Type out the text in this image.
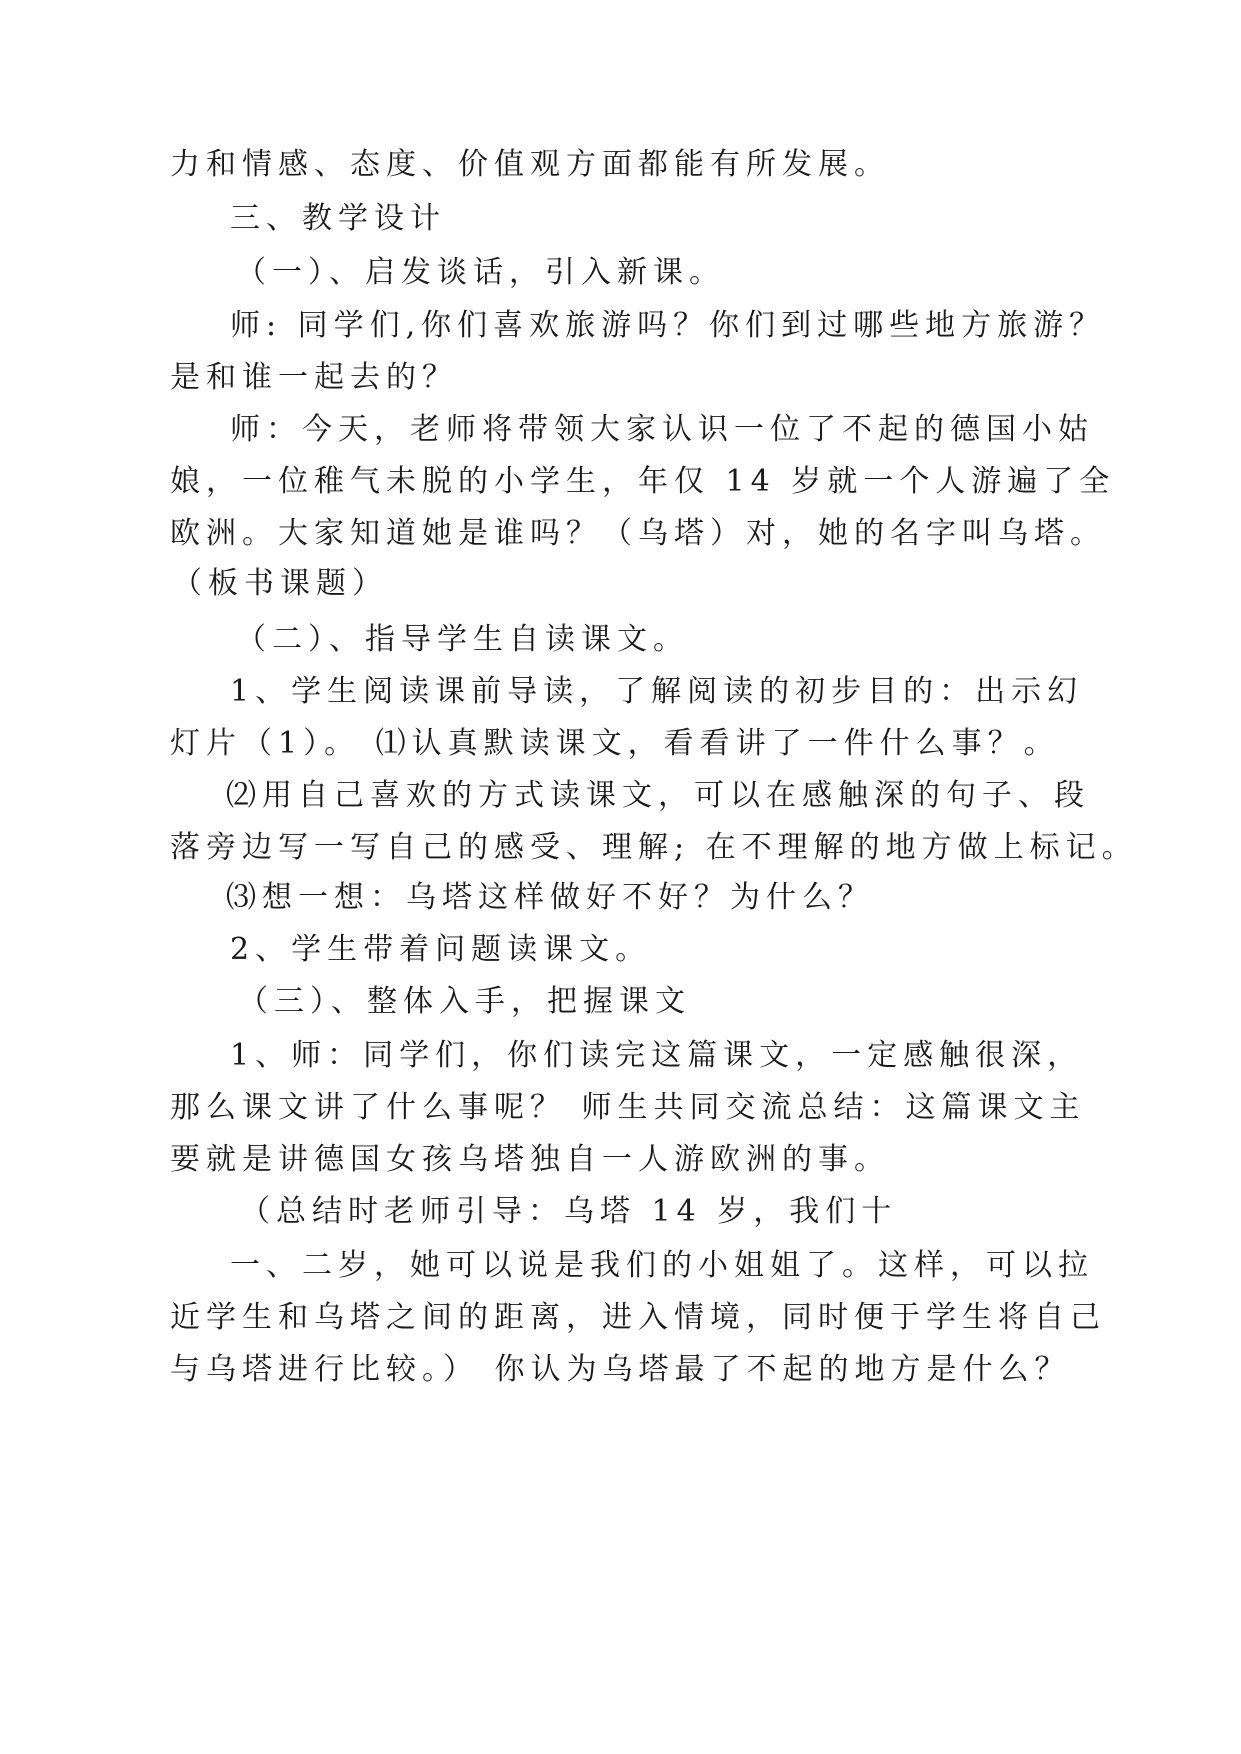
力和情感、态度、价值观方面都能有所发展。
三、教学设计
（一）、启发谈话，引入新课。
师: 同学们,你们喜欢旅游吗？你们到过哪些地方旅游？
是和谁一起去的？
师：今天，老师将带领大家认识一位了不起的德国小姑
娘，一位稚气未脱的小学生，年仅 14 岁就一个人游遍了全
欧洲。大家知道她是谁吗？（乌塔）对，她的名字叫乌塔。
（板书课题）
（二）、指导学生自读课文。
1、学生阅读课前导读，了解阅读的初步目的：出示幻
灯片（1）。 ⑴认真默读课文，看看讲了一件什么事？。
⑵用自己喜欢的方式读课文，可以在感触深的句子、段
落旁边写一写自己的感受、理解; 在不理解的地方做上标记。
⑶想一想：乌塔这样做好不好？为什么？
2、学生带着问题读课文。
（三）、整体入手，把握课文
1、师：同学们，你们读完这篇课文，一定感触很深，
那么课文讲了什么事呢？ 师生共同交流总结：这篇课文主
要就是讲德国女孩乌塔独自一人游欧洲的事。
（总结时老师引导：乌塔 14 岁，我们十
一、二岁，她可以说是我们的小姐姐了。这样，可以拉
近学生和乌塔之间的距离，进入情境，同时便于学生将自己
与乌塔进行比较。） 你认为乌塔最了不起的地方是什么？
